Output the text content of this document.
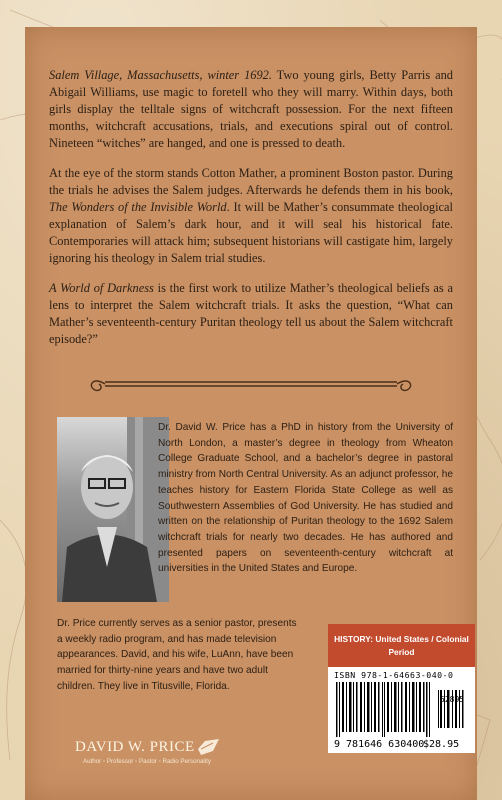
Salem Village, Massachusetts, winter 1692. Two young girls, Betty Parris and Abigail Williams, use magic to foretell who they will marry. Within days, both girls display the telltale signs of witchcraft possession. For the next fifteen months, witchcraft accusations, trials, and executions spiral out of control. Nineteen “witches” are hanged, and one is pressed to death.

At the eye of the storm stands Cotton Mather, a prominent Boston pastor. During the trials he advises the Salem judges. Afterwards he defends them in his book, The Wonders of the Invisible World. It will be Mather’s consummate theological explanation of Salem’s dark hour, and it will seal his historical fate. Contemporaries will attack him; subsequent historians will castigate him, largely ignoring his theology in Salem trial studies.

A World of Darkness is the first work to utilize Mather’s theological beliefs as a lens to interpret the Salem witchcraft trials. It asks the question, “What can Mather’s seventeenth-century Puritan theology tell us about the Salem witchcraft episode?”

Dr. David W. Price has a PhD in history from the University of North London, a master’s degree in theology from Wheaton College Graduate School, and a bachelor’s degree in pastoral ministry from North Central University. As an adjunct professor, he teaches history for Eastern Florida State College as well as Southwestern Assemblies of God University. He has studied and written on the relationship of Puritan theology to the 1692 Salem witchcraft trials for nearly two decades. He has authored and presented papers on seventeenth-century witchcraft at universities in the United States and Europe.
Dr. Price currently serves as a senior pastor, presents a weekly radio program, and has made television appearances. David, and his wife, LuAnn, have been married for thirty-nine years and have two adult children. They live in Titusville, Florida.
DAVID W. PRICE
Author ◦ Professor ◦ Pastor ◦ Radio Personality
HISTORY: United States / Colonial Period
ISBN 978-1-64663-040-0
52895
9 781646 630400
$28.95
